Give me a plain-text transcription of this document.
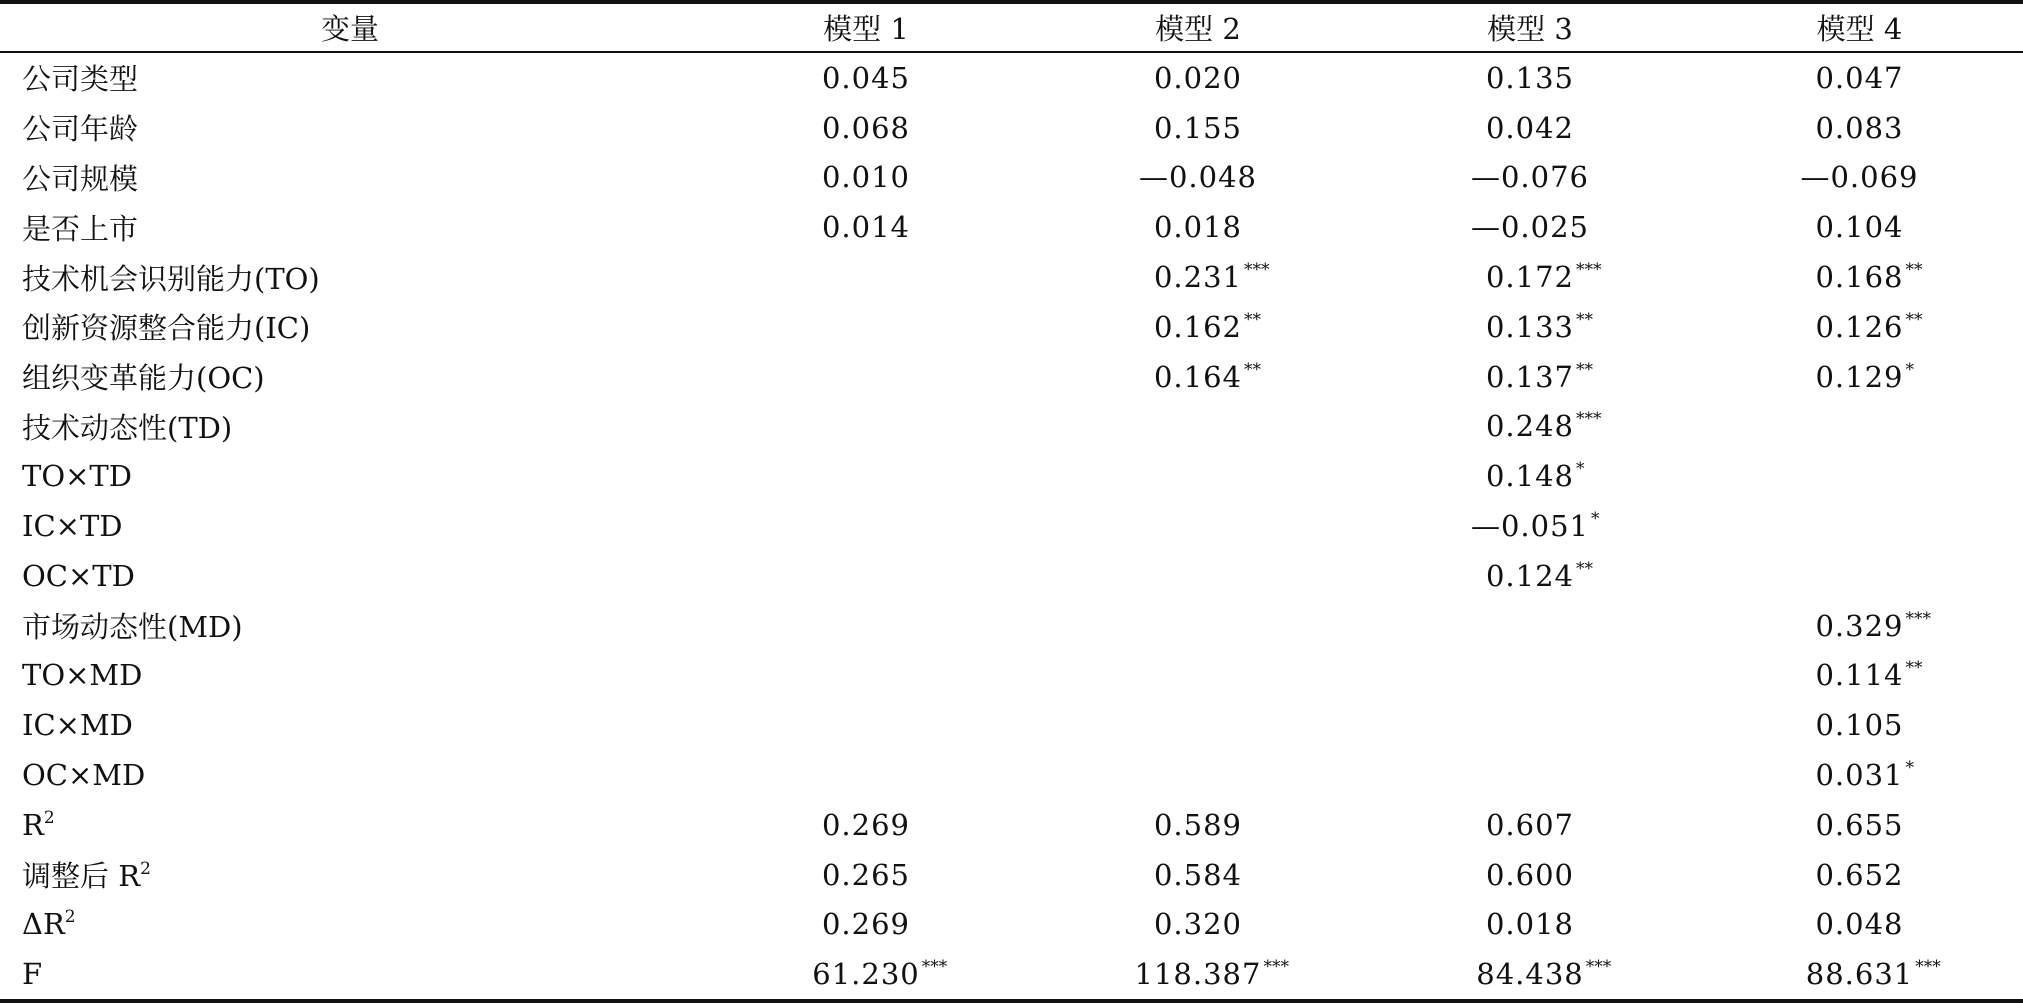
变量	模型 1	模型 2	模型 3	模型 4
公司类型	0.045	0.020	0.135	0.047
公司年龄	0.068	0.155	0.042	0.083
公司规模	0.010	—0.048	—0.076	—0.069
是否上市	0.014	0.018	—0.025	0.104
技术机会识别能力(TO)		0.231 ***	0.172 ***	0.168 **

创新资源整合能力(IC)		0.162 **	0.133 **	0.126 **

组织变革能力(OC)		0.164 **	0.137 **	0.129 *

技术动态性(TD)			0.248 ***	

TO×TD			0.148 *	

IC×TD			—0.051 *	

OC×TD			0.124 **	

市场动态性(MD)				0.329 ***

TO×MD				0.114 **

IC×MD				0.105
OC×MD				0.031 *

$R^2$	0.269	0.589	0.607	0.655
调整后 $R^2$	0.265	0.584	0.600	0.652
$\Delta R^2$	0.269	0.320	0.018	0.048
F	61.230 ***	118.387 ***	84.438 ***	88.631 ***
